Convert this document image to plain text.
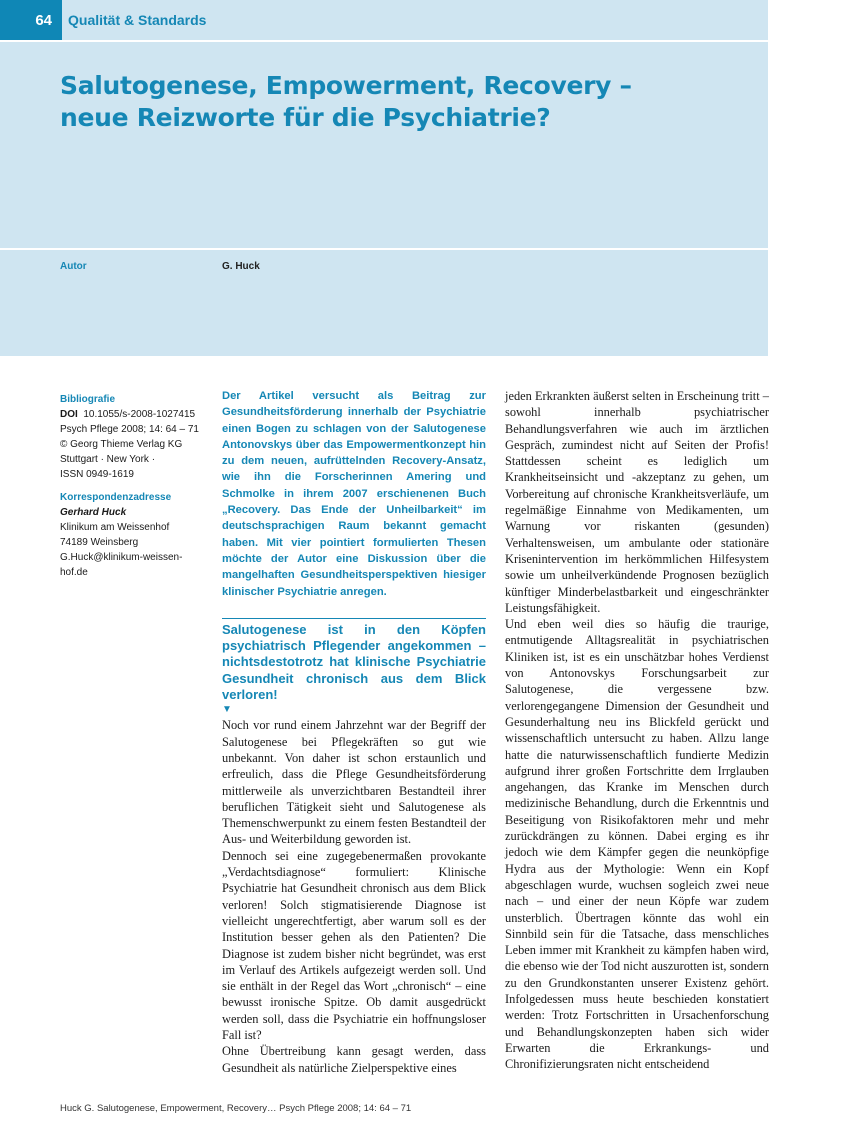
64	Qualität & Standards
Salutogenese, Empowerment, Recovery –
neue Reizworte für die Psychiatrie?
Autor	G. Huck
Bibliografie
DOI 10.1055/s-2008-1027415
Psych Pflege 2008; 14: 64 – 71
© Georg Thieme Verlag KG
Stuttgart · New York ·
ISSN 0949-1619
Korrespondenzadresse
Gerhard Huck
Klinikum am Weissenhof
74189 Weinsberg
G.Huck@klinikum-weissen-
hof.de

Der Artikel versucht als Beitrag zur Gesundheitsförderung innerhalb der Psychiatrie einen Bogen zu schlagen von der Salutogenese Antonovskys über das Empowermentkonzept hin zu dem neuen, aufrüttelnden Recovery-Ansatz, wie ihn die Forscherinnen Amering und Schmolke in ihrem 2007 erschienenen Buch „Recovery. Das Ende der Unheilbarkeit“ im deutschsprachigen Raum bekannt gemacht haben. Mit vier pointiert formulierten Thesen möchte der Autor eine Diskussion über die mangelhaften Gesundheitsperspektiven hiesiger klinischer Psychiatrie anregen.

Salutogenese ist in den Köpfen psychiatrisch Pflegender angekommen – nichtsdestotrotz hat klinische Psychiatrie Gesundheit chronisch aus dem Blick verloren!
▼

Noch vor rund einem Jahrzehnt war der Begriff der Salutogenese bei Pflegekräften so gut wie unbekannt. Von daher ist schon erstaunlich und erfreulich, dass die Pflege Gesundheitsförderung mittlerweile als unverzichtbaren Bestandteil ihrer beruflichen Tätigkeit sieht und Salutogenese als Themenschwerpunkt zu einem festen Bestandteil der Aus- und Weiterbildung geworden ist.

Dennoch sei eine zugegebenermaßen provokante „Verdachtsdiagnose“ formuliert: Klinische Psychiatrie hat Gesundheit chronisch aus dem Blick verloren! Solch stigmatisierende Diagnose ist vielleicht ungerechtfertigt, aber warum soll es der Institution besser gehen als den Patienten? Die Diagnose ist zudem bisher nicht begründet, was erst im Verlauf des Artikels aufgezeigt werden soll. Und sie enthält in der Regel das Wort „chronisch“ – eine bewusst ironische Spitze. Ob damit ausgedrückt werden soll, dass die Psychiatrie ein hoffnungsloser Fall ist?

Ohne Übertreibung kann gesagt werden, dass Gesundheit als natürliche Zielperspektive eines

jeden Erkrankten äußerst selten in Erscheinung tritt – sowohl innerhalb psychiatrischer Behandlungsverfahren wie auch im ärztlichen Gespräch, zumindest nicht auf Seiten der Profis! Stattdessen scheint es lediglich um Krankheitseinsicht und -akzeptanz zu gehen, um Vorbereitung auf chronische Krankheitsverläufe, um regelmäßige Einnahme von Medikamenten, um Warnung vor riskanten (gesunden) Verhaltensweisen, um ambulante oder stationäre Krisenintervention im herkömmlichen Hilfesystem sowie um unheilverkündende Prognosen bezüglich künftiger Minderbelastbarkeit und eingeschränkter Leistungsfähigkeit.

Und eben weil dies so häufig die traurige, entmutigende Alltagsrealität in psychiatrischen Kliniken ist, ist es ein unschätzbar hohes Verdienst von Antonovskys Forschungsarbeit zur Salutogenese, die vergessene bzw. verlorengegangene Dimension der Gesundheit und Gesunderhaltung neu ins Blickfeld gerückt und wissenschaftlich untersucht zu haben. Allzu lange hatte die naturwissenschaftlich fundierte Medizin aufgrund ihrer großen Fortschritte dem Irrglauben angehangen, das Kranke im Menschen durch medizinische Behandlung, durch die Erkenntnis und Beseitigung von Risikofaktoren mehr und mehr zurückdrängen zu können. Dabei erging es ihr jedoch wie dem Kämpfer gegen die neunköpfige Hydra aus der Mythologie: Wenn ein Kopf abgeschlagen wurde, wuchsen sogleich zwei neue nach – und einer der neun Köpfe war zudem unsterblich. Übertragen könnte das wohl ein Sinnbild sein für die Tatsache, dass menschliches Leben immer mit Krankheit zu kämpfen haben wird, die ebenso wie der Tod nicht auszurotten ist, sondern zu den Grundkonstanten unserer Existenz gehört. Infolgedessen muss heute beschieden konstatiert werden: Trotz Fortschritten in Ursachenforschung und Behandlungskonzepten haben sich wider Erwarten die Erkrankungs- und Chronifizierungsraten nicht entscheidend

Huck G. Salutogenese, Empowerment, Recovery… Psych Pflege 2008; 14: 64 – 71
